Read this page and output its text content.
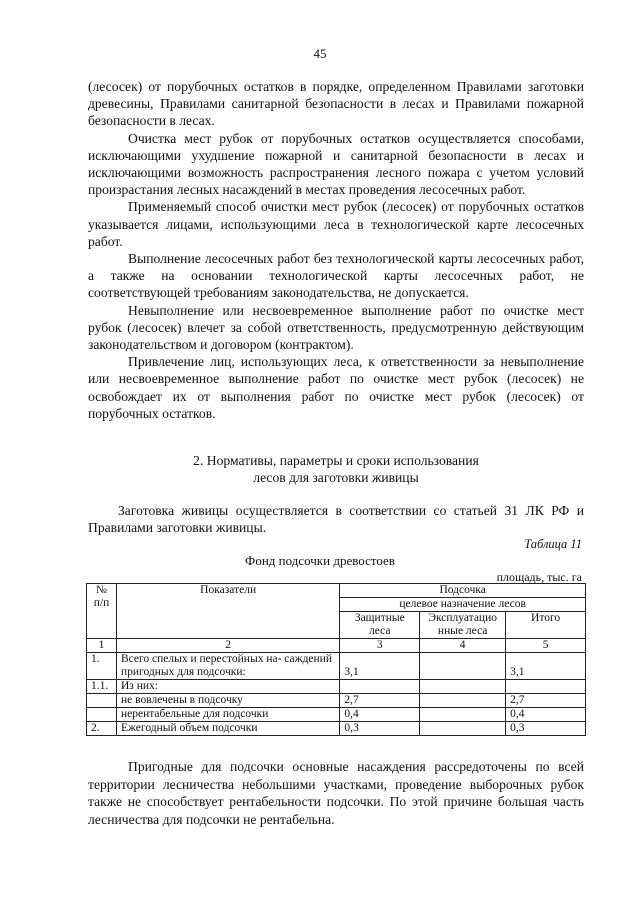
45

(лесосек) от порубочных остатков в порядке, определенном Правилами заготовки древесины, Правилами санитарной безопасности в лесах и Правилами пожарной безопасности в лесах.

Очистка мест рубок от порубочных остатков осуществляется способами, исключающими ухудшение пожарной и санитарной безопасности в лесах и исключающими возможность распространения лесного пожара с учетом условий произрастания лесных насаждений в местах проведения лесосечных работ.

Применяемый способ очистки мест рубок (лесосек) от порубочных остатков указывается лицами, использующими леса в технологической карте лесосечных работ.

Выполнение лесосечных работ без технологической карты лесосечных работ, а также на основании технологической карты лесосечных работ, не соответствующей требованиям законодательства, не допускается.

Невыполнение или несвоевременное выполнение работ по очистке мест рубок (лесосек) влечет за собой ответственность, предусмотренную действующим законодательством и договором (контрактом).

Привлечение лиц, использующих леса, к ответственности за невыполнение или несвоевременное выполнение работ по очистке мест рубок (лесосек) не освобождает их от выполнения работ по очистке мест рубок (лесосек) от порубочных остатков.

2. Нормативы, параметры и сроки использования
лесов для заготовки живицы
Заготовка живицы осуществляется в соответствии со статьей 31 ЛК РФ и Правилами заготовки живицы.
Таблица 11
Фонд подсочки древостоев
площадь, тыс. га
№ п/п	Показатели	Подсочка		
		целевое назначение лесов		
		Защитные леса	Эксплуатацио нные леса	Итого
1	2	3	4	5
1.	Всего спелых и перестойных на- саждений пригодных для подсочки:	3,1		3,1
1.1.	Из них:			
	не вовлечены в подсочку	2,7		2,7
	нерентабельные для подсочки	0,4		0,4
2.	Ежегодный объем подсочки	0,3		0,3
Пригодные для подсочки основные насаждения рассредоточены по всей территории лесничества небольшими участками, проведение выборочных рубок также не способствует рентабельности подсочки. По этой причине большая часть лесничества для подсочки не рентабельна.
